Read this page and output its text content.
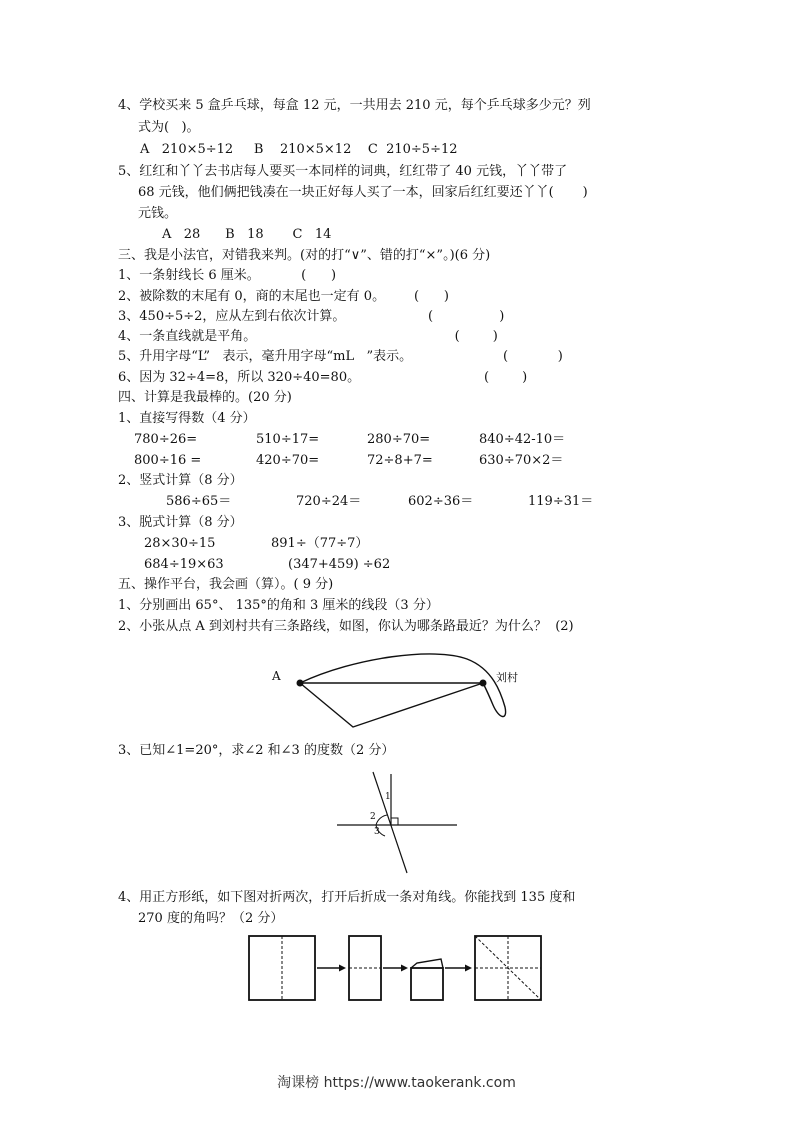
4、学校买来 5 盒乒乓球，每盒 12 元，一共用去 210 元，每个乒乓球多少元？列
式为(   )。
A   210×5÷12     B    210×5×12    C  210÷5÷12
5、红红和丫丫去书店每人要买一本同样的词典，红红带了 40 元钱，丫丫带了
68 元钱，他们俩把钱凑在一块正好每人买了一本，回家后红红要还丫丫(       )
元钱。
A   28      B   18       C   14
三、我是小法官，对错我来判。(对的打“∨”、错的打“×”。)(6 分)
1、一条射线长 6 厘米。          (      )
2、被除数的末尾有 0，商的末尾也一定有 0。       (      )
3、450÷5÷2，应从左到右依次计算。                    (                )
4、一条直线就是平角。                                                (        )
5、升用字母“L”   表示，毫升用字母“mL   ”表示。                      (            )
6、因为 32÷4=8，所以 320÷40=80。                              (        )
四、计算是我最棒的。(20 分)
1、直接写得数（4 分）
780÷26=	510÷17=	280÷70=	840÷42-10＝
800÷16 =	420÷70=	72÷8+7=	630÷70×2＝
2、竖式计算（8 分）
586÷65＝	720÷24＝	602÷36＝	119÷31＝
3、脱式计算（8 分）
28×30÷15	891÷（77÷7）
684÷19×63	(347+459) ÷62
五、操作平台，我会画（算）。( 9 分)
1、分别画出 65°、 135°的角和 3 厘米的线段（3 分）
2、小张从点 A 到刘村共有三条路线，如图，你认为哪条路最近？为什么？  (2)
A	刘村
3、已知∠1=20°，求∠2 和∠3 的度数（2 分）
1
2
3
4、用正方形纸，如下图对折两次，打开后折成一条对角线。你能找到 135 度和
270 度的角吗？（2 分）
淘课榜 https://www.taokerank.com
